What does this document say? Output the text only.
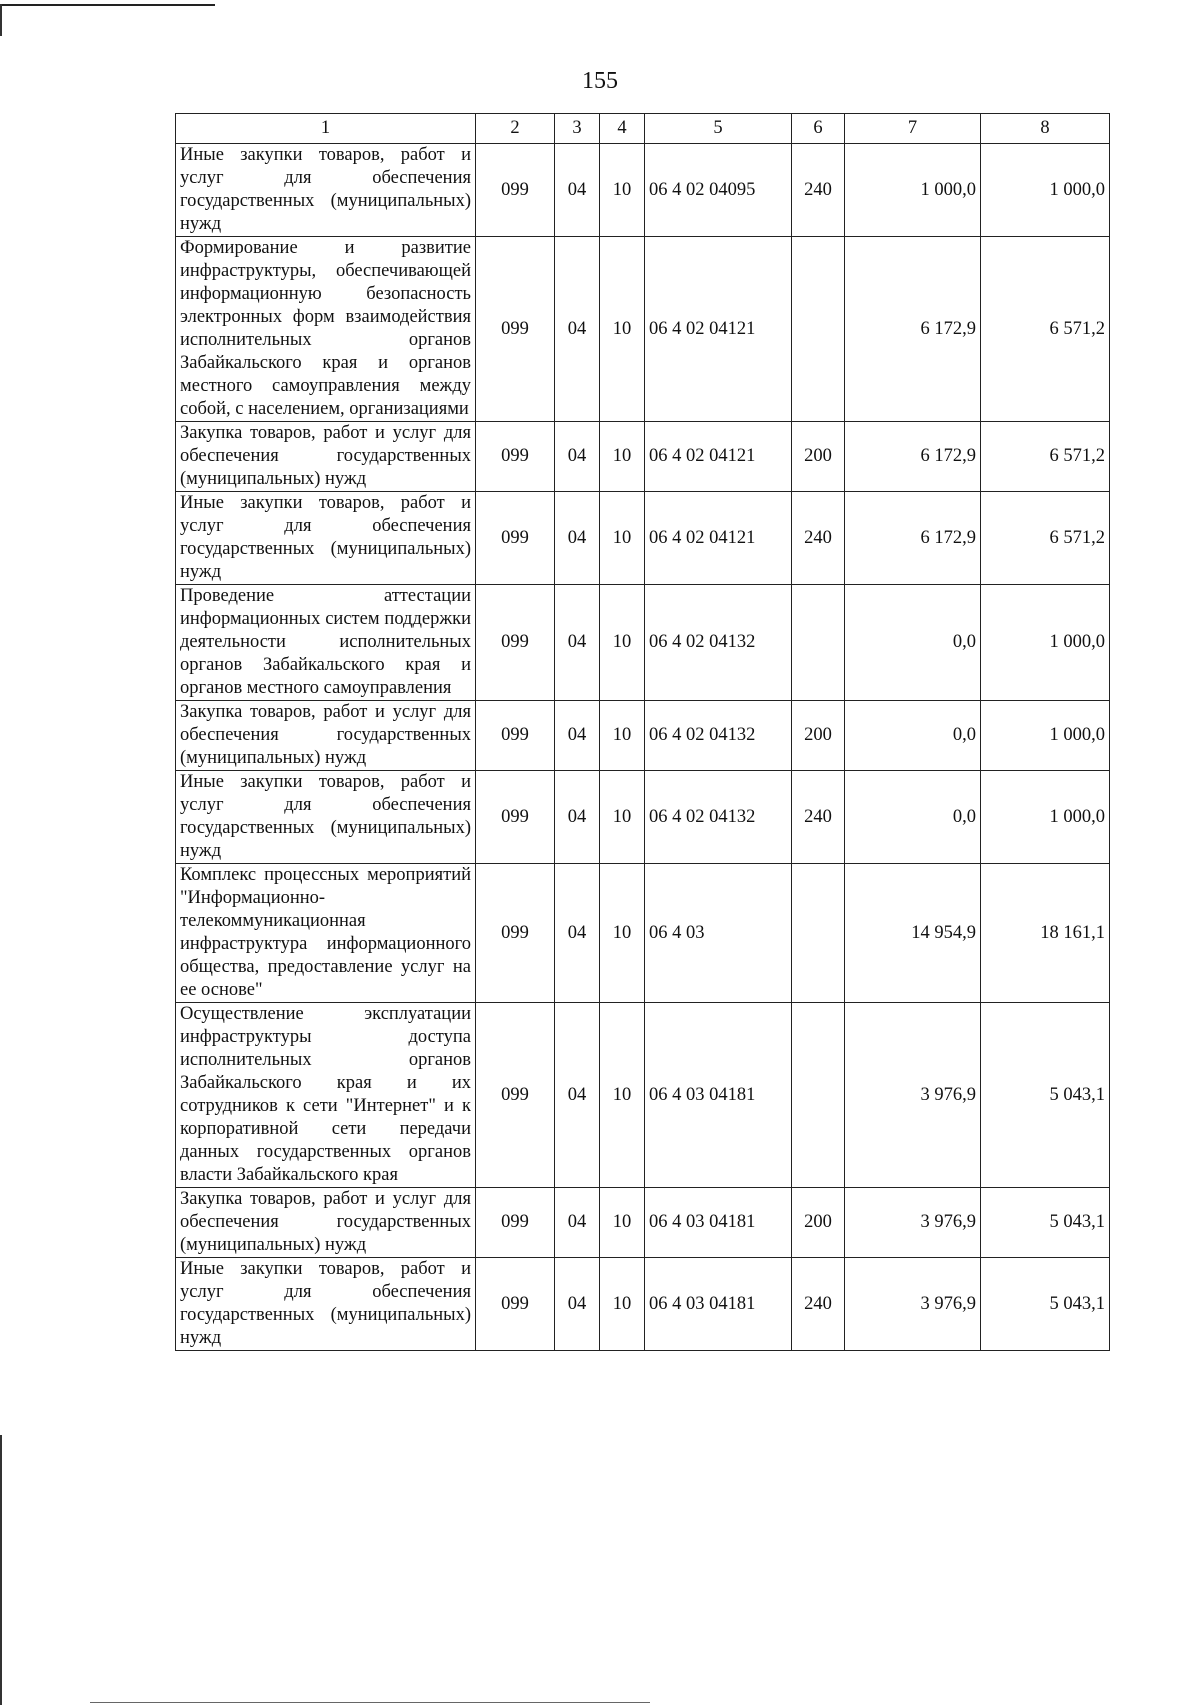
155
1	2	3	4	5	6	7	8
Иные закупки товаров, работ и услуг для обеспечения государственных (муниципальных) нужд	099	04	10	06 4 02 04095	240	1 000,0	1 000,0
Формирование и развитие инфраструктуры, обеспечивающей информационную безопасность электронных форм взаимодействия исполнительных органов Забайкальского края и органов местного самоуправления между собой, с населением, организациями	099	04	10	06 4 02 04121		6 172,9	6 571,2
Закупка товаров, работ и услуг для обеспечения государственных (муниципальных) нужд	099	04	10	06 4 02 04121	200	6 172,9	6 571,2
Иные закупки товаров, работ и услуг для обеспечения государственных (муниципальных) нужд	099	04	10	06 4 02 04121	240	6 172,9	6 571,2
Проведение аттестации информационных систем поддержки деятельности исполнительных органов Забайкальского края и органов местного самоуправления	099	04	10	06 4 02 04132		0,0	1 000,0
Закупка товаров, работ и услуг для обеспечения государственных (муниципальных) нужд	099	04	10	06 4 02 04132	200	0,0	1 000,0
Иные закупки товаров, работ и услуг для обеспечения государственных (муниципальных) нужд	099	04	10	06 4 02 04132	240	0,0	1 000,0
Комплекс процессных мероприятий "Информационно-телекоммуникационная инфраструктура информационного общества, предоставление услуг на ее основе"	099	04	10	06 4 03		14 954,9	18 161,1
Осуществление эксплуатации инфраструктуры доступа исполнительных органов Забайкальского края и их сотрудников к сети "Интернет" и к корпоративной сети передачи данных государственных органов власти Забайкальского края	099	04	10	06 4 03 04181		3 976,9	5 043,1
Закупка товаров, работ и услуг для обеспечения государственных (муниципальных) нужд	099	04	10	06 4 03 04181	200	3 976,9	5 043,1
Иные закупки товаров, работ и услуг для обеспечения государственных (муниципальных) нужд	099	04	10	06 4 03 04181	240	3 976,9	5 043,1
